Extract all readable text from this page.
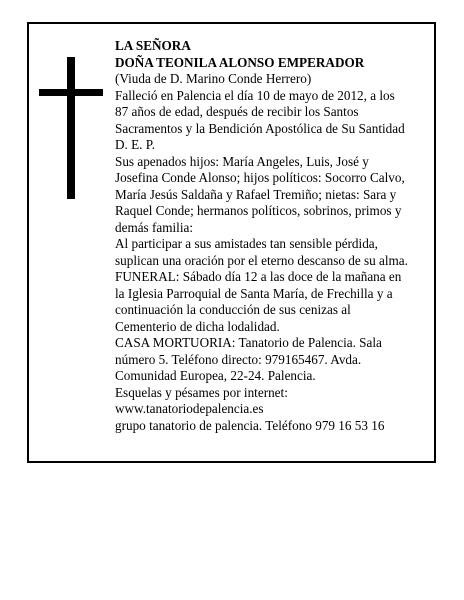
LA SEÑORA

DOÑA TEONILA ALONSO EMPERADOR

(Viuda de D. Marino Conde Herrero)

Falleció en Palencia el día 10 de mayo de 2012, a los 87 años de edad, después de recibir los Santos Sacramentos y la Bendición Apostólica de Su Santidad

D. E. P.

Sus apenados hijos: María Angeles, Luis, José y Josefina Conde Alonso; hijos políticos: Socorro Calvo, María Jesús Saldaña y Rafael Tremiño; nietas: Sara y Raquel Conde; hermanos políticos, sobrinos, primos y demás familia:

Al participar a sus amistades tan sensible pérdida, suplican una oración por el eterno descanso de su alma.

FUNERAL: Sábado día 12 a las doce de la mañana en la Iglesia Parroquial de Santa María, de Frechilla y a continuación la conducción de sus cenizas al Cementerio de dicha lodalidad.

CASA MORTUORIA: Tanatorio de Palencia. Sala número 5. Teléfono directo: 979165467. Avda. Comunidad Europea, 22-24. Palencia.

Esquelas y pésames por internet:

www.tanatoriodepalencia.es

grupo tanatorio de palencia. Teléfono 979 16 53 16
